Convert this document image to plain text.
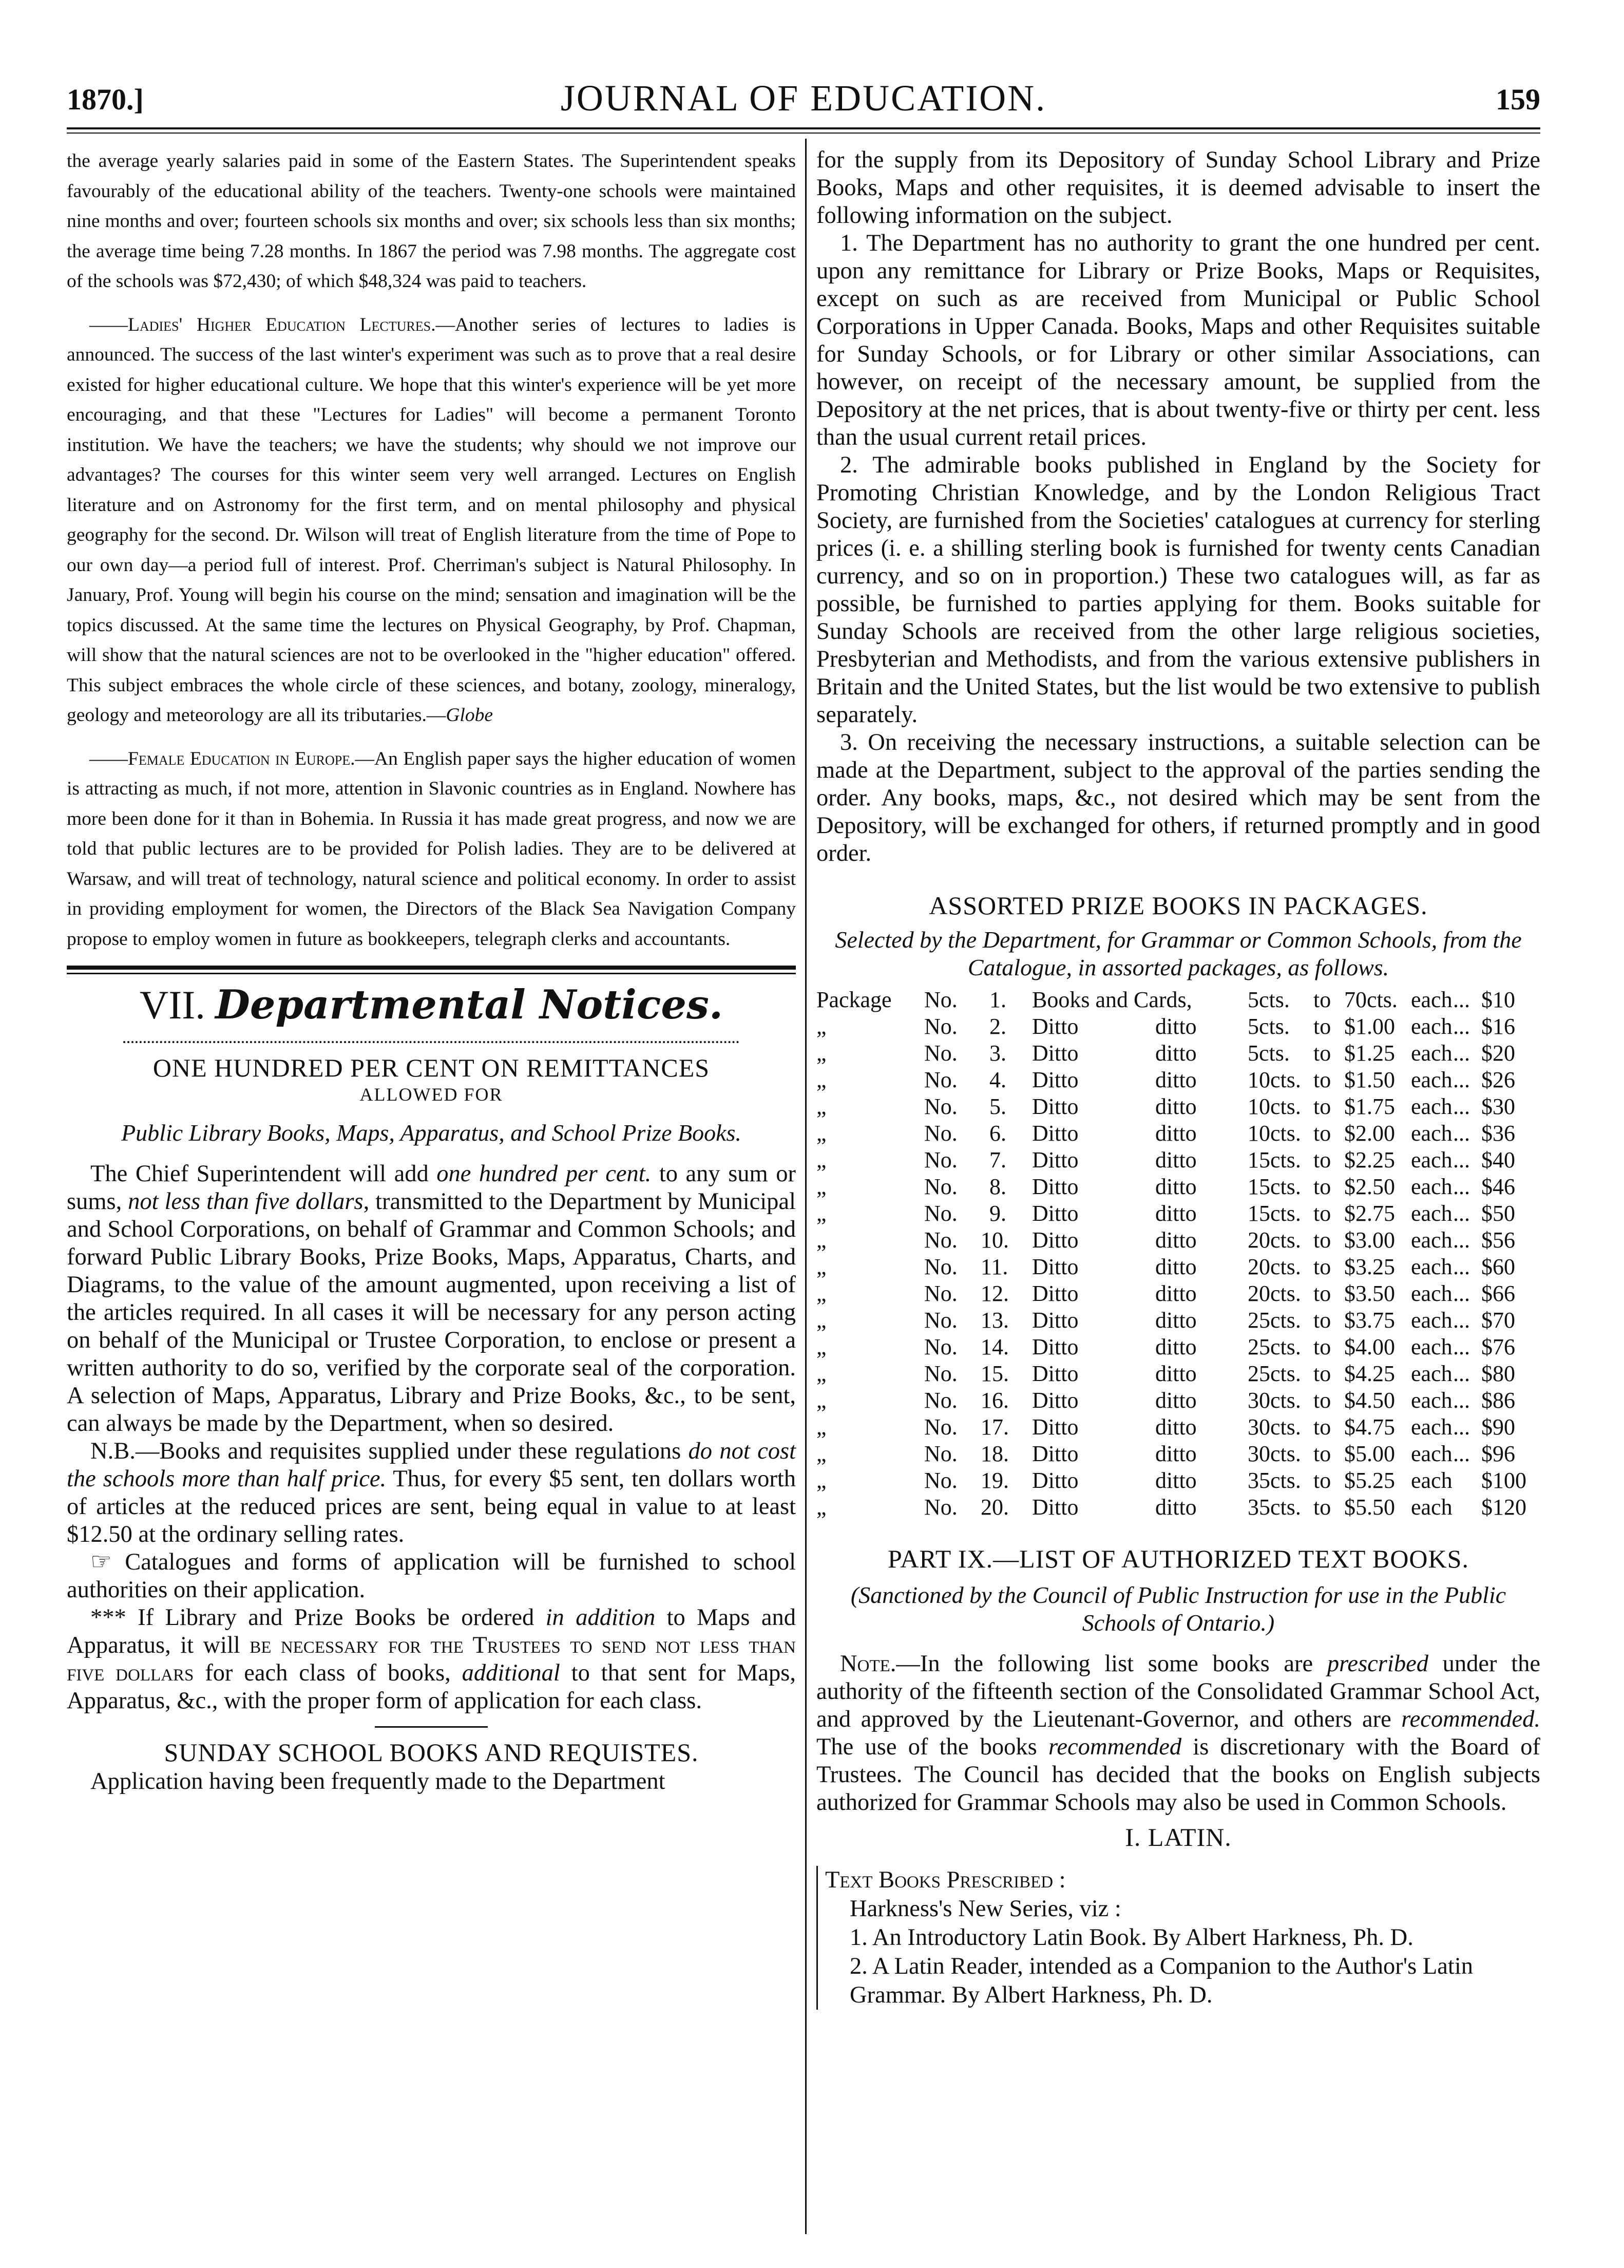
1870.]	JOURNAL OF EDUCATION.	159

the average yearly salaries paid in some of the Eastern States. The Superintendent speaks favourably of the educational ability of the teachers. Twenty-one schools were maintained nine months and over; fourteen schools six months and over; six schools less than six months; the average time being 7.28 months. In 1867 the period was 7.98 months. The aggregate cost of the schools was $72,430; of which $48,324 was paid to teachers.

——Ladies' Higher Education Lectures.—Another series of lectures to ladies is announced. The success of the last winter's experiment was such as to prove that a real desire existed for higher educational culture. We hope that this winter's experience will be yet more encouraging, and that these "Lectures for Ladies" will become a permanent Toronto institution. We have the teachers; we have the students; why should we not improve our advantages? The courses for this winter seem very well arranged. Lectures on English literature and on Astronomy for the first term, and on mental philosophy and physical geography for the second. Dr. Wilson will treat of English literature from the time of Pope to our own day—a period full of interest. Prof. Cherriman's subject is Natural Philosophy. In January, Prof. Young will begin his course on the mind; sensation and imagination will be the topics discussed. At the same time the lectures on Physical Geography, by Prof. Chapman, will show that the natural sciences are not to be overlooked in the "higher education" offered. This subject embraces the whole circle of these sciences, and botany, zoology, mineralogy, geology and meteorology are all its tributaries.—Globe

——Female Education in Europe.—An English paper says the higher education of women is attracting as much, if not more, attention in Slavonic countries as in England. Nowhere has more been done for it than in Bohemia. In Russia it has made great progress, and now we are told that public lectures are to be provided for Polish ladies. They are to be delivered at Warsaw, and will treat of technology, natural science and political economy. In order to assist in providing employment for women, the Directors of the Black Sea Navigation Company propose to employ women in future as bookkeepers, telegraph clerks and accountants.

VII. Departmental Notices.
ONE HUNDRED PER CENT ON REMITTANCES
ALLOWED FOR
Public Library Books, Maps, Apparatus, and School Prize Books.

The Chief Superintendent will add one hundred per cent. to any sum or sums, not less than five dollars, transmitted to the Department by Municipal and School Corporations, on behalf of Grammar and Common Schools; and forward Public Library Books, Prize Books, Maps, Apparatus, Charts, and Diagrams, to the value of the amount augmented, upon receiving a list of the articles required. In all cases it will be necessary for any person acting on behalf of the Municipal or Trustee Corporation, to enclose or present a written authority to do so, verified by the corporate seal of the corporation. A selection of Maps, Apparatus, Library and Prize Books, &c., to be sent, can always be made by the Department, when so desired.

N.B.—Books and requisites supplied under these regulations do not cost the schools more than half price. Thus, for every $5 sent, ten dollars worth of articles at the reduced prices are sent, being equal in value to at least $12.50 at the ordinary selling rates.

☞ Catalogues and forms of application will be furnished to school authorities on their application.

*** If Library and Prize Books be ordered in addition to Maps and Apparatus, it will be necessary for the Trustees to send not less than five dollars for each class of books, additional to that sent for Maps, Apparatus, &c., with the proper form of application for each class.

SUNDAY SCHOOL BOOKS AND REQUISTES.

Application having been frequently made to the Department

for the supply from its Depository of Sunday School Library and Prize Books, Maps and other requisites, it is deemed advisable to insert the following information on the subject.

1. The Department has no authority to grant the one hundred per cent. upon any remittance for Library or Prize Books, Maps or Requisites, except on such as are received from Municipal or Public School Corporations in Upper Canada. Books, Maps and other Requisites suitable for Sunday Schools, or for Library or other similar Associations, can however, on receipt of the necessary amount, be supplied from the Depository at the net prices, that is about twenty-five or thirty per cent. less than the usual current retail prices.

2. The admirable books published in England by the Society for Promoting Christian Knowledge, and by the London Religious Tract Society, are furnished from the Societies' catalogues at currency for sterling prices (i. e. a shilling sterling book is furnished for twenty cents Canadian currency, and so on in proportion.) These two catalogues will, as far as possible, be furnished to parties applying for them. Books suitable for Sunday Schools are received from the other large religious societies, Presbyterian and Methodists, and from the various extensive publishers in Britain and the United States, but the list would be two extensive to publish separately.

3. On receiving the necessary instructions, a suitable selection can be made at the Department, subject to the approval of the parties sending the order. Any books, maps, &c., not desired which may be sent from the Depository, will be exchanged for others, if returned promptly and in good order.

ASSORTED PRIZE BOOKS IN PACKAGES.
Selected by the Department, for Grammar or Common Schools, from the Catalogue, in assorted packages, as follows.
Package No.	1. Books and Cards, 5cts. to 70cts. each ... $10
„	No.	2. Ditto	ditto 5cts. to $1.00 each ... $16
„	No.	3. Ditto	ditto 5cts. to $1.25 each ... $20
„	No.	4. Ditto	ditto 10cts. to $1.50 each ... $26
„	No.	5. Ditto	ditto 10cts. to $1.75 each ... $30
„	No.	6. Ditto	ditto 10cts. to $2.00 each ... $36
„	No.	7. Ditto	ditto 15cts. to $2.25 each ... $40
„	No.	8. Ditto	ditto 15cts. to $2.50 each ... $46
„	No.	9. Ditto	ditto 15cts. to $2.75 each ... $50
„	No. 10. Ditto	ditto 20cts. to $3.00 each ... $56
„	No. 11. Ditto	ditto 20cts. to $3.25 each ... $60
„	No. 12. Ditto	ditto 20cts. to $3.50 each ... $66
„	No. 13. Ditto	ditto 25cts. to $3.75 each ... $70
„	No. 14. Ditto	ditto 25cts. to $4.00 each ... $76
„	No. 15. Ditto	ditto 25cts. to $4.25 each ... $80
„	No. 16. Ditto	ditto 30cts. to $4.50 each ... $86
„	No. 17. Ditto	ditto 30cts. to $4.75 each ... $90
„	No. 18. Ditto	ditto 30cts. to $5.00 each ... $96
„	No. 19. Ditto	ditto 35cts. to $5.25 each $100
„	No. 20. Ditto	ditto 35cts. to $5.50 each $120
PART IX.—LIST OF AUTHORIZED TEXT BOOKS.
(Sanctioned by the Council of Public Instruction for use in the Public Schools of Ontario.)

Note.—In the following list some books are prescribed under the authority of the fifteenth section of the Consolidated Grammar School Act, and approved by the Lieutenant-Governor, and others are recommended. The use of the books recommended is discretionary with the Board of Trustees. The Council has decided that the books on English subjects authorized for Grammar Schools may also be used in Common Schools.

I. LATIN.

Text Books Prescribed :

Harkness's New Series, viz :

1. An Introductory Latin Book. By Albert Harkness, Ph. D.

2. A Latin Reader, intended as a Companion to the Author's Latin Grammar. By Albert Harkness, Ph. D.
